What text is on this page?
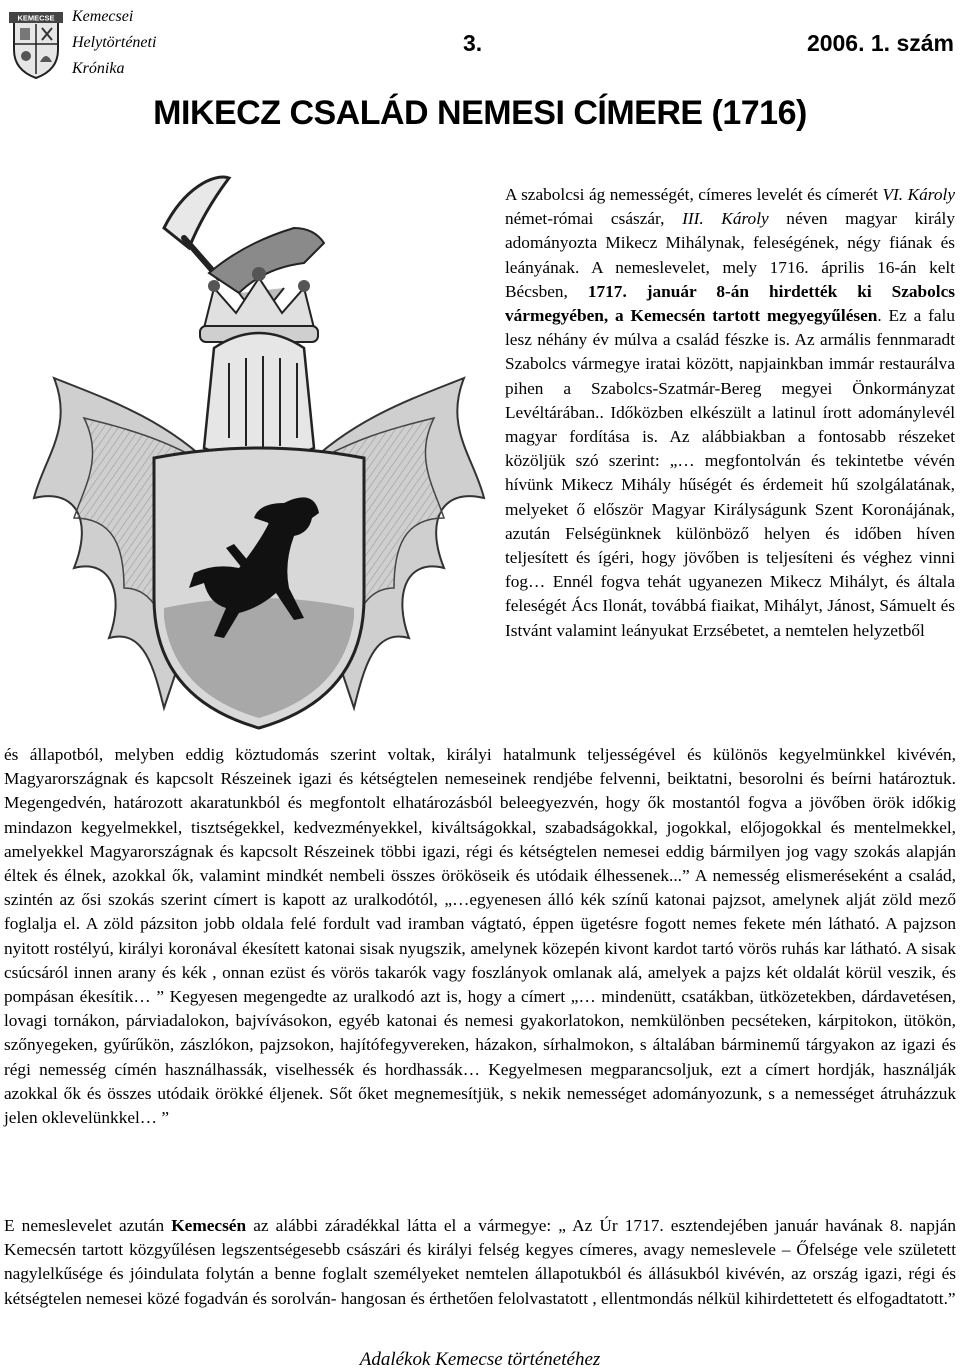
KEMECSE Kemecsei
Helytörténeti
Krónika
3.	2006. 1. szám
MIKECZ CSALÁD NEMESI CÍMERE (1716)

A szabolcsi ág nemességét, címeres levelét és címerét VI. Károly német-római császár, III. Károly néven magyar király adományozta Mikecz Mihálynak, feleségének, négy fiának és leányának. A nemeslevelet, mely 1716. április 16-án kelt Bécsben, 1717. január 8-án hirdették ki Szabolcs vármegyében, a Kemecsén tartott megyegyűlésen. Ez a falu lesz néhány év múlva a család fészke is. Az armális fennmaradt Szabolcs vármegye iratai között, napjainkban immár restaurálva pihen a Szabolcs-Szatmár-Bereg megyei Önkormányzat Levéltárában.. Időközben elkészült a latinul írott adománylevél magyar fordítása is. Az alábbiakban a fontosabb részeket közöljük szó szerint: „… megfontolván és tekintetbe vévén hívünk Mikecz Mihály hűségét és érdemeit hű szolgálatának, melyeket ő először Magyar Királyságunk Szent Koronájának, azután Felségünknek különböző helyen és időben híven teljesített és ígéri, hogy jövőben is teljesíteni és véghez vinni fog… Ennél fogva tehát ugyanezen Mikecz Mihályt, és általa feleségét Ács Ilonát, továbbá fiaikat, Mihályt, Jánost, Sámuelt és Istvánt valamint leányukat Erzsébetet, a nemtelen helyzetből

és állapotból, melyben eddig köztudomás szerint voltak, királyi hatalmunk teljességével és különös kegyelmünkkel kivévén, Magyarországnak és kapcsolt Részeinek igazi és kétségtelen nemeseinek rendjébe felvenni, beiktatni, besorolni és beírni határoztuk. Megengedvén, határozott akaratunkból és megfontolt elhatározásból beleegyezvén, hogy ők mostantól fogva a jövőben örök időkig mindazon kegyelmekkel, tisztségekkel, kedvezményekkel, kiváltságokkal, szabadságokkal, jogokkal, előjogokkal és mentelmekkel, amelyekkel Magyarországnak és kapcsolt Részeinek többi igazi, régi és kétségtelen nemesei eddig bármilyen jog vagy szokás alapján éltek és élnek, azokkal ők, valamint mindkét nembeli összes örököseik és utódaik élhessenek...” A nemesség elismeréseként a család, szintén az ősi szokás szerint címert is kapott az uralkodótól, „…egyenesen álló kék színű katonai pajzsot, amelynek alját zöld mező foglalja el. A zöld pázsiton jobb oldala felé fordult vad iramban vágtató, éppen ügetésre fogott nemes fekete mén látható. A pajzson nyitott rostélyú, királyi koronával ékesített katonai sisak nyugszik, amelynek közepén kivont kardot tartó vörös ruhás kar látható. A sisak csúcsáról innen arany és kék , onnan ezüst és vörös takarók vagy foszlányok omlanak alá, amelyek a pajzs két oldalát körül veszik, és pompásan ékesítik… ” Kegyesen megengedte az uralkodó azt is, hogy a címert „… mindenütt, csatákban, ütközetekben, dárdavetésen, lovagi tornákon, párviadalokon, bajvívásokon, egyéb katonai és nemesi gyakorlatokon, nemkülönben pecséteken, kárpitokon, ütökön, szőnyegeken, gyűrűkön, zászlókon, pajzsokon, hajítófegyvereken, házakon, sírhalmokon, s általában bárminemű tárgyakon az igazi és régi nemesség címén használhassák, viselhessék és hordhassák… Kegyelmesen megparancsoljuk, ezt a címert hordják, használják azokkal ők és összes utódaik örökké éljenek. Sőt őket megnemesítjük, s nekik nemességet adományozunk, s a nemességet átruházzuk jelen oklevelünkkel… ”

E nemeslevelet azután Kemecsén az alábbi záradékkal látta el a vármegye: „ Az Úr 1717. esztendejében január havának 8. napján Kemecsén tartott közgyűlésen legszentségesebb császári és királyi felség kegyes címeres, avagy nemeslevele – Őfelsége vele született nagylelkűsége és jóindulata folytán a benne foglalt személyeket nemtelen állapotukból és állásukból kivévén, az ország igazi, régi és kétségtelen nemesei közé fogadván és sorolván- hangosan és érthetően felolvastatott , ellentmondás nélkül kihirdettetett és elfogadtatott.”

Adalékok Kemecse történetéhez
